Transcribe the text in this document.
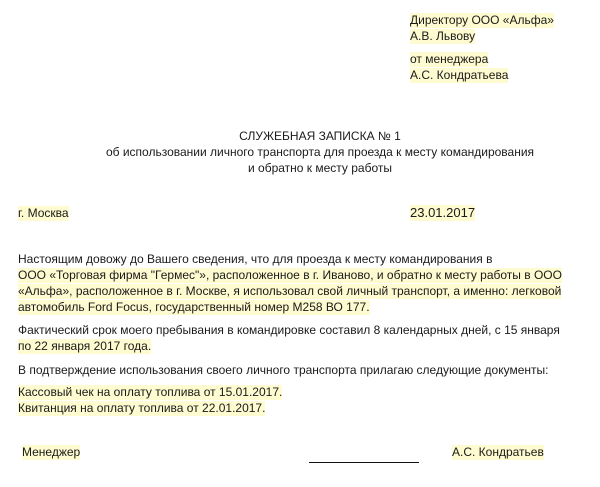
Директору ООО «Альфа»
А.В. Львову
от менеджера
А.С. Кондратьева
СЛУЖЕБНАЯ ЗАПИСКА № 1
об использовании личного транспорта для проезда к месту командирования
и обратно к месту работы
г. Москва	23.01.2017
Настоящим довожу до Вашего сведения, что для проезда к месту командирования в
ООО «Торговая фирма "Гермес"», расположенное в г. Иваново, и обратно к месту работы в ООО
«Альфа», расположенное в г. Москве, я использовал свой личный транспорт, а именно: легковой
автомобиль Ford Focus, государственный номер М258 ВО 177.
Фактический срок моего пребывания в командировке составил 8 календарных дней, с 15 января
по 22 января 2017 года.
В подтверждение использования своего личного транспорта прилагаю следующие документы:
Кассовый чек на оплату топлива от 15.01.2017.
Квитанция на оплату топлива от 22.01.2017.
Менеджер	А.С. Кондратьев
